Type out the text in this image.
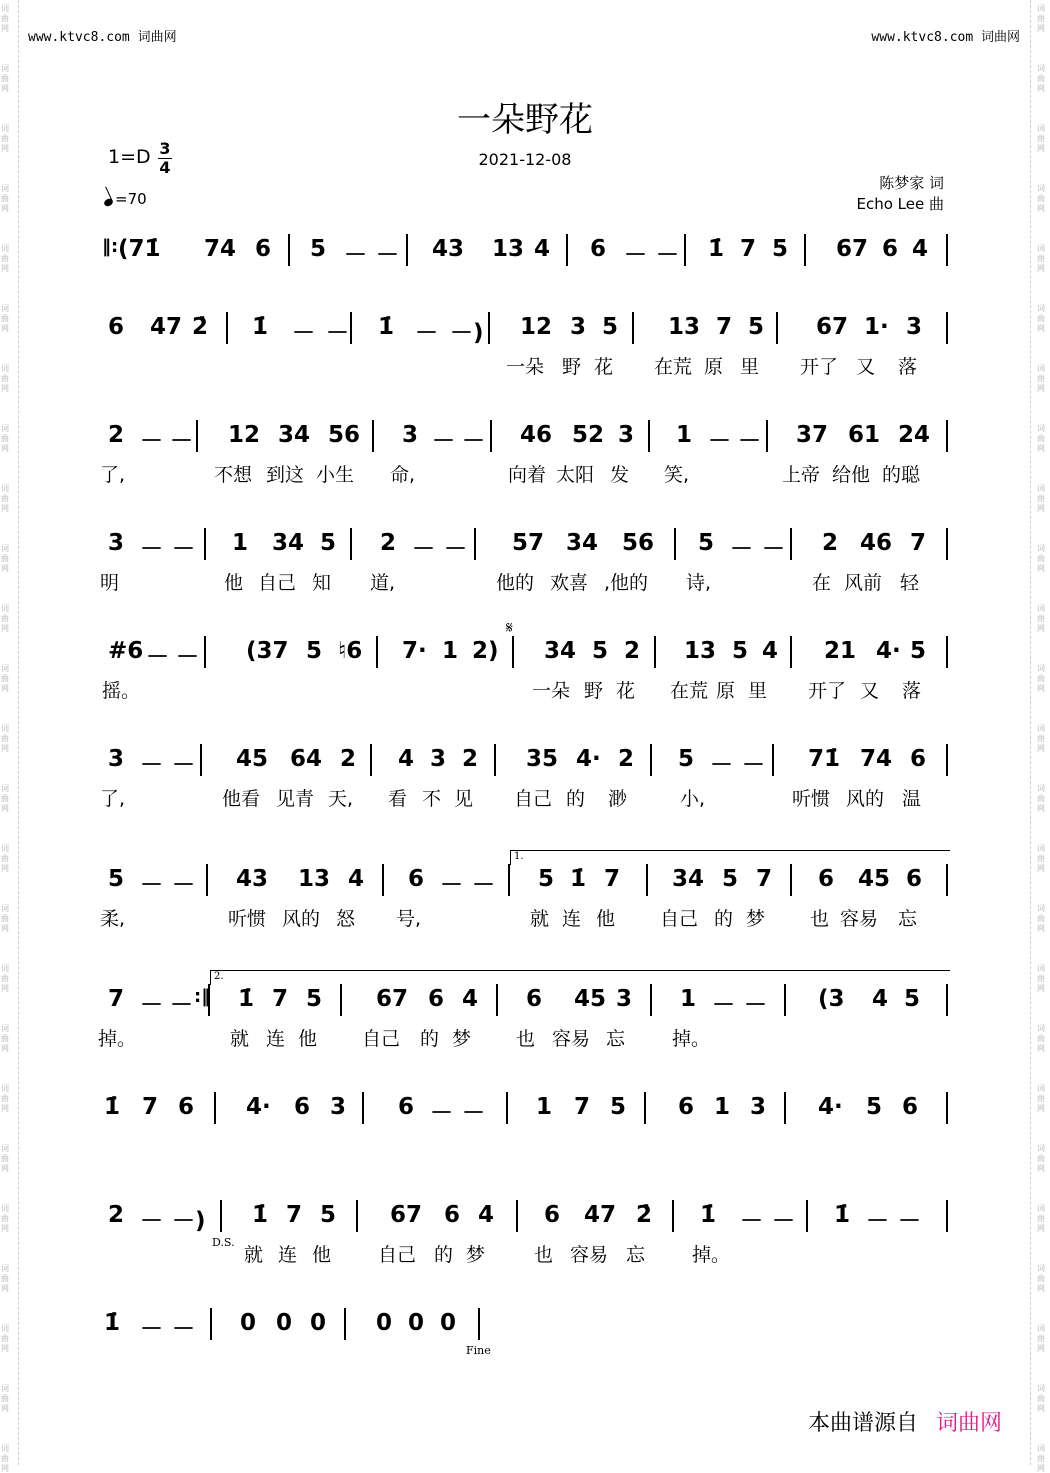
词
曲
网
词
曲
网
词
曲
网
词
曲
网
词
曲
网
词
曲
网
词
曲
网
词
曲
网
词
曲
网
词
曲
网
词
曲
网
词
曲
网
词
曲
网
词
曲
网
词
曲
网
词
曲
网
词
曲
网
词
曲
网
词
曲
网
词
曲
网
词
曲
网
词
曲
网
词
曲
网
词
曲
网
词
曲
网
词
曲
网
词
曲
网
词
曲
网
词
曲
网
词
曲
网
词
曲
网
词
曲
网
词
曲
网
词
曲
网
词
曲
网
词
曲
网
词
曲
网
词
曲
网
词
曲
网
词
曲
网
词
曲
网
词
曲
网
词
曲
网
词
曲
网
词
曲
网
词
曲
网
词
曲
网
词
曲
网
词
曲
网
词
曲
网
www.ktvc8.com 词曲网	www.ktvc8.com 词曲网
一朵野花
2021-12-08
$1=D \frac{3}{4}$
=70
陈梦家 词
Echo Lee 曲
(71̇ 74 6 5 － － 43 13 4 6 － － 1̇ 7 5 67 6 4
6 47 2̇ 1̇ － － 1̇ － －) 12 3 5 13 7 5 67 1· 3
一朵 野 花 在荒 原 里 开了 又 落
2 － － 12 34 56 3 － － 46 52 3 1 － － 37 61 24
了,	不想 到这 小生 命,	向着 太阳 发 笑,	上帝 给他 的聪
3 － － 1 34 5 2 － － 57 34 56 5 － － 2 46 7
明	他 自己 知 道,	他的 欢喜 ,他的 诗,	在 风前 轻
#6 － － (37 5 ♮6 7· 1 2) 34 5 2 13 5 4 21 4· 5
摇。	一朵 野 花 在荒 原 里 开了 又 落
3 － － 45 64 2 4 3 2 35 4· 2 5 － － 71̇ 74 6
了,	他看 见青 天, 看 不 见 自己 的 渺	小,	听惯 风的 温
5 － － 43 13 4 6 － － 5 1̇ 7 34 5 7 6 45 6
柔,	听惯 风的 怒 号,	就 连 他 自己 的 梦 也 容易 忘
7 － － 1̇ 7 5 67 6 4 6 45 3 1 － － (3 4 5
掉。	就 连 他 自己 的 梦 也 容易 忘 掉。
1̇ 7 6 4· 6 3 6 － － 1 7 5 6 1 3 4· 5 6
2 － －) 1̇ 7 5 67 6 4 6 47 2̇ 1̇ － － 1̇ － －
就 连 他 自己 的 梦	也 容易 忘 掉。
1̇ － － 0 0 0 0 0 0
‖:
:‖
1.
2.
D.S.
Fine
𝄋
本曲谱源自 词曲网
